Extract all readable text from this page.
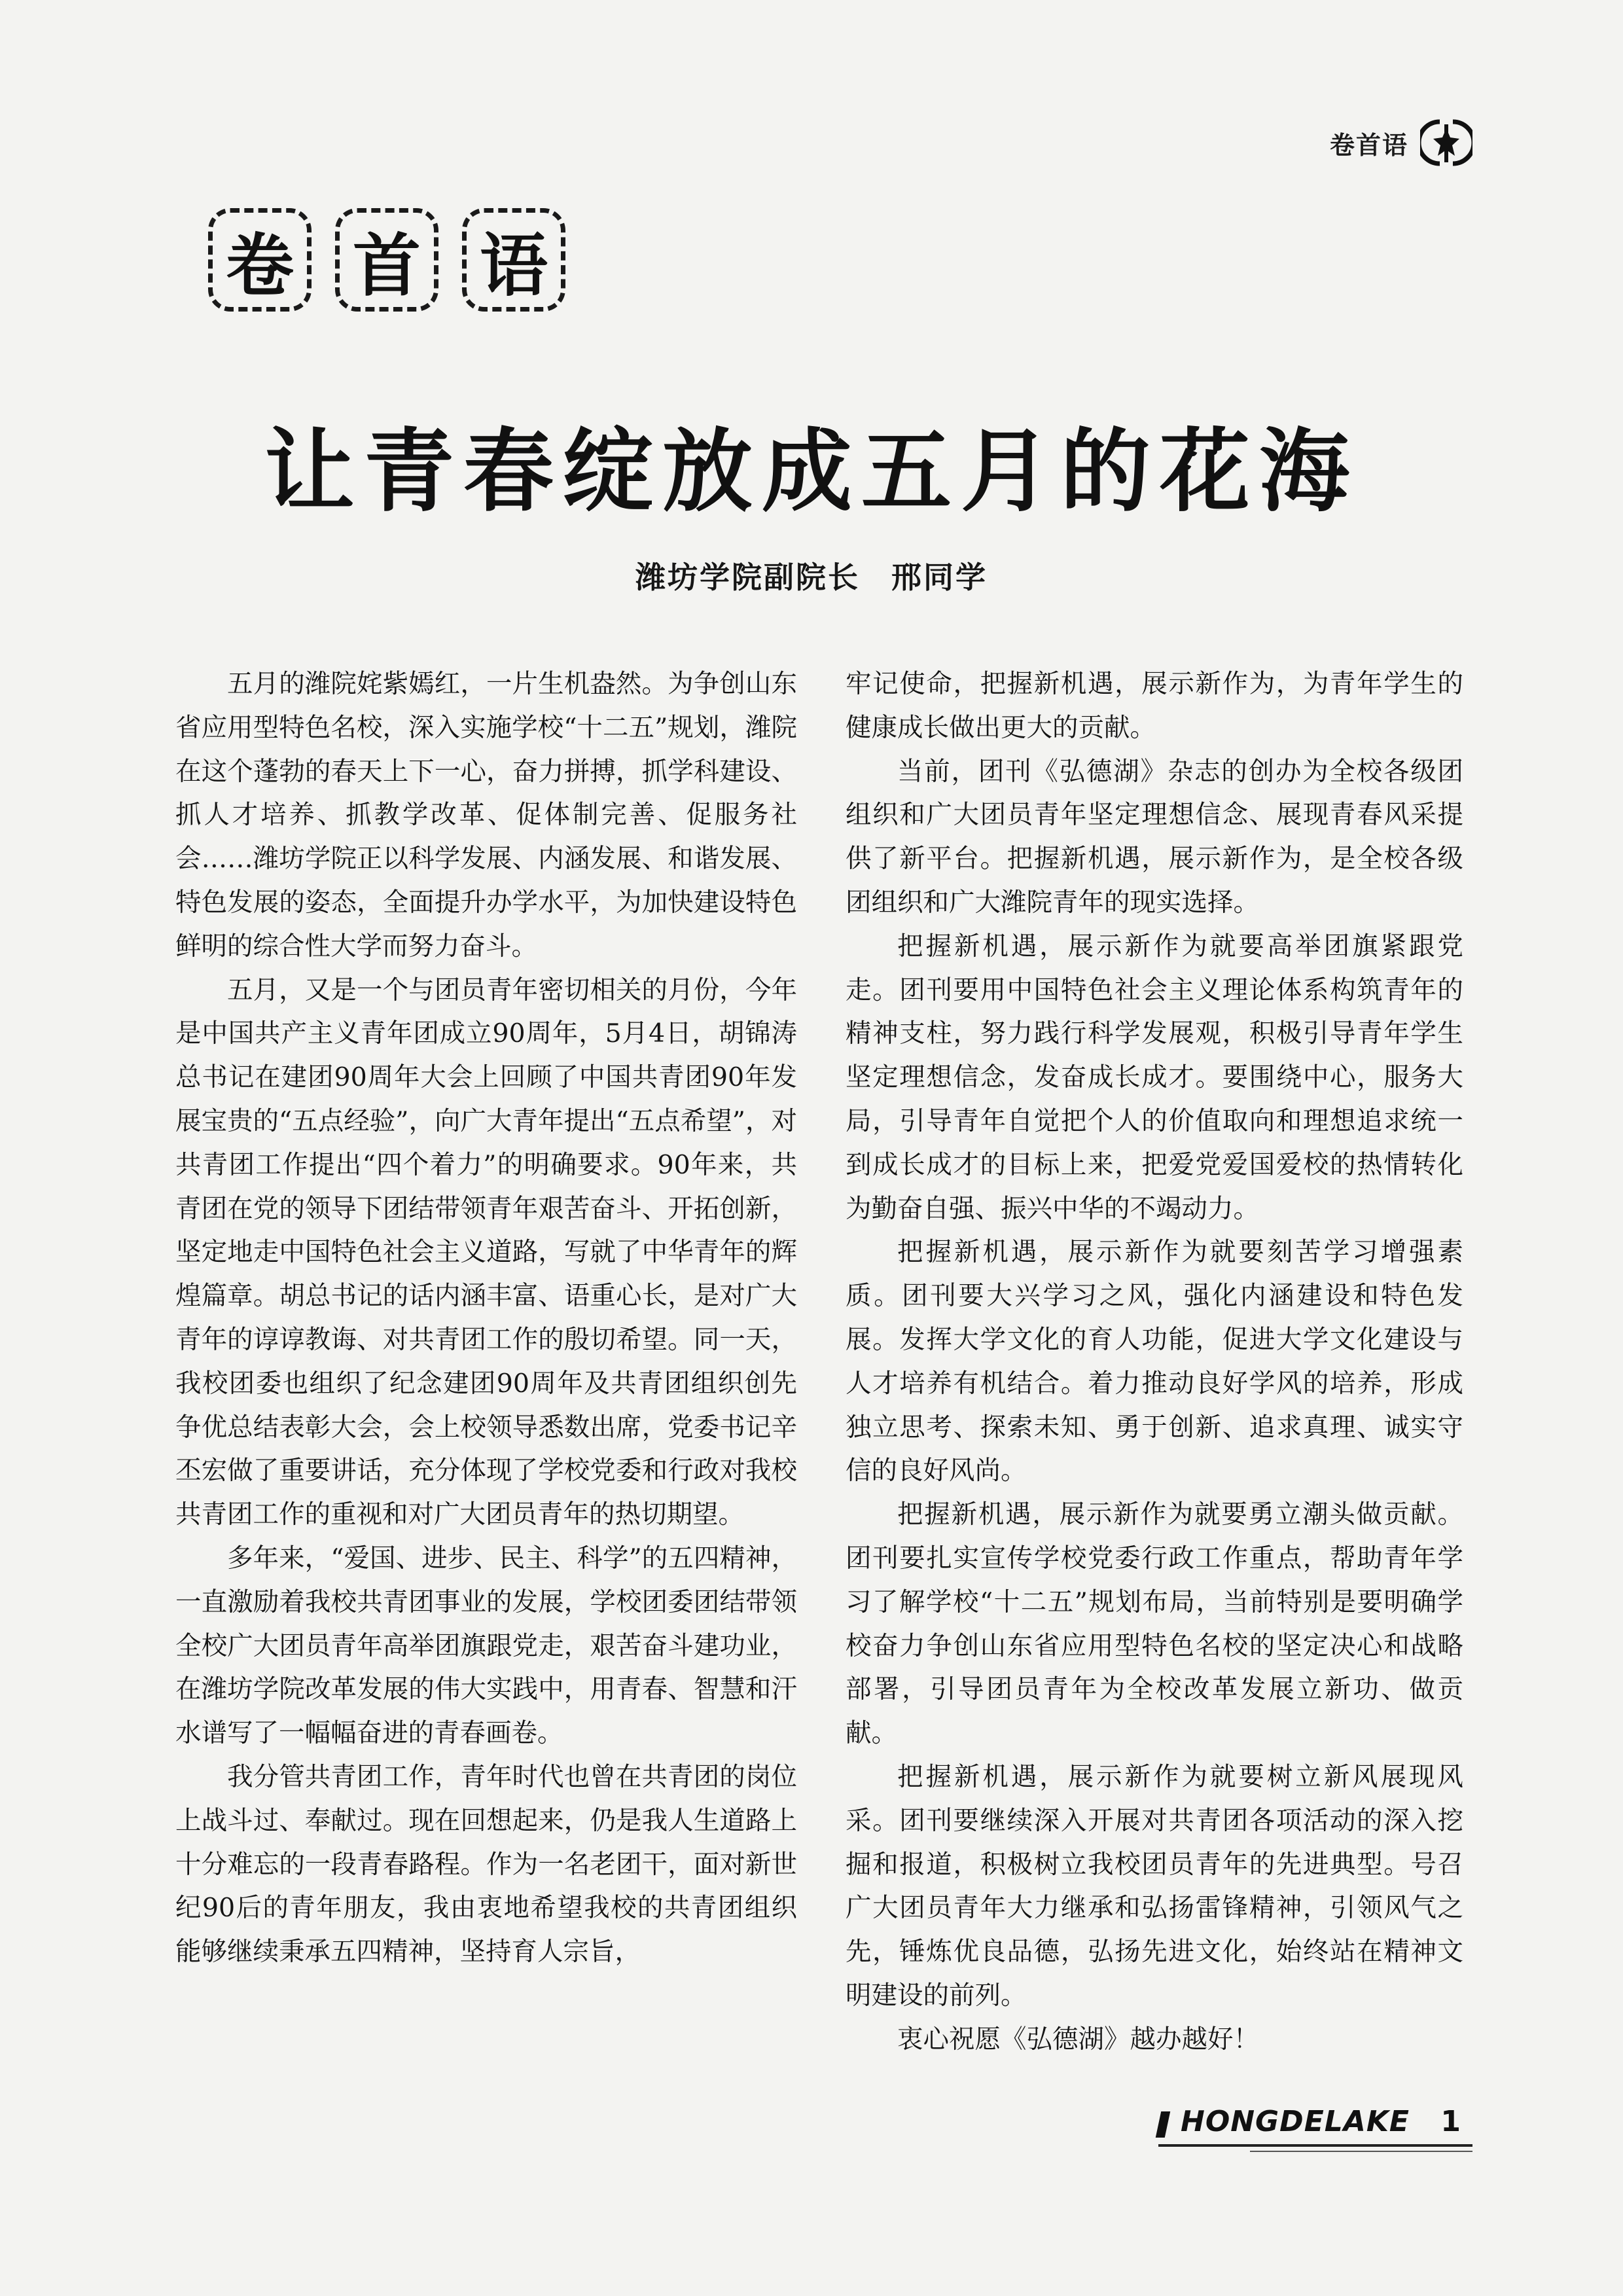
卷首语
卷 首 语
让青春绽放成五月的花海
潍坊学院副院长 邢同学

五月的潍院姹紫嫣红，一片生机盎然。为争创山东省应用型特色名校，深入实施学校“十二五”规划，潍院在这个蓬勃的春天上下一心，奋力拼搏，抓学科建设、抓人才培养、抓教学改革、促体制完善、促服务社会……潍坊学院正以科学发展、内涵发展、和谐发展、特色发展的姿态，全面提升办学水平，为加快建设特色鲜明的综合性大学而努力奋斗。

五月，又是一个与团员青年密切相关的月份，今年是中国共产主义青年团成立90周年，5月4日，胡锦涛总书记在建团90周年大会上回顾了中国共青团90年发展宝贵的“五点经验”，向广大青年提出“五点希望”，对共青团工作提出“四个着力”的明确要求。90年来，共青团在党的领导下团结带领青年艰苦奋斗、开拓创新，坚定地走中国特色社会主义道路，写就了中华青年的辉煌篇章。胡总书记的话内涵丰富、语重心长，是对广大青年的谆谆教诲、对共青团工作的殷切希望。同一天，我校团委也组织了纪念建团90周年及共青团组织创先争优总结表彰大会，会上校领导悉数出席，党委书记辛丕宏做了重要讲话，充分体现了学校党委和行政对我校共青团工作的重视和对广大团员青年的热切期望。

多年来，“爱国、进步、民主、科学”的五四精神，一直激励着我校共青团事业的发展，学校团委团结带领全校广大团员青年高举团旗跟党走，艰苦奋斗建功业，在潍坊学院改革发展的伟大实践中，用青春、智慧和汗水谱写了一幅幅奋进的青春画卷。

我分管共青团工作，青年时代也曾在共青团的岗位上战斗过、奉献过。现在回想起来，仍是我人生道路上十分难忘的一段青春路程。作为一名老团干，面对新世纪90后的青年朋友，我由衷地希望我校的共青团组织能够继续秉承五四精神，坚持育人宗旨，

牢记使命，把握新机遇，展示新作为，为青年学生的健康成长做出更大的贡献。

当前，团刊《弘德湖》杂志的创办为全校各级团组织和广大团员青年坚定理想信念、展现青春风采提供了新平台。把握新机遇，展示新作为，是全校各级团组织和广大潍院青年的现实选择。

把握新机遇，展示新作为就要高举团旗紧跟党走。团刊要用中国特色社会主义理论体系构筑青年的精神支柱，努力践行科学发展观，积极引导青年学生坚定理想信念，发奋成长成才。要围绕中心，服务大局，引导青年自觉把个人的价值取向和理想追求统一到成长成才的目标上来，把爱党爱国爱校的热情转化为勤奋自强、振兴中华的不竭动力。

把握新机遇，展示新作为就要刻苦学习增强素质。团刊要大兴学习之风，强化内涵建设和特色发展。发挥大学文化的育人功能，促进大学文化建设与人才培养有机结合。着力推动良好学风的培养，形成独立思考、探索未知、勇于创新、追求真理、诚实守信的良好风尚。

把握新机遇，展示新作为就要勇立潮头做贡献。团刊要扎实宣传学校党委行政工作重点，帮助青年学习了解学校“十二五”规划布局，当前特别是要明确学校奋力争创山东省应用型特色名校的坚定决心和战略部署，引导团员青年为全校改革发展立新功、做贡献。

把握新机遇，展示新作为就要树立新风展现风采。团刊要继续深入开展对共青团各项活动的深入挖掘和报道，积极树立我校团员青年的先进典型。号召广大团员青年大力继承和弘扬雷锋精神，引领风气之先，锤炼优良品德，弘扬先进文化，始终站在精神文明建设的前列。

衷心祝愿《弘德湖》越办越好！

HONGDELAKE 1
